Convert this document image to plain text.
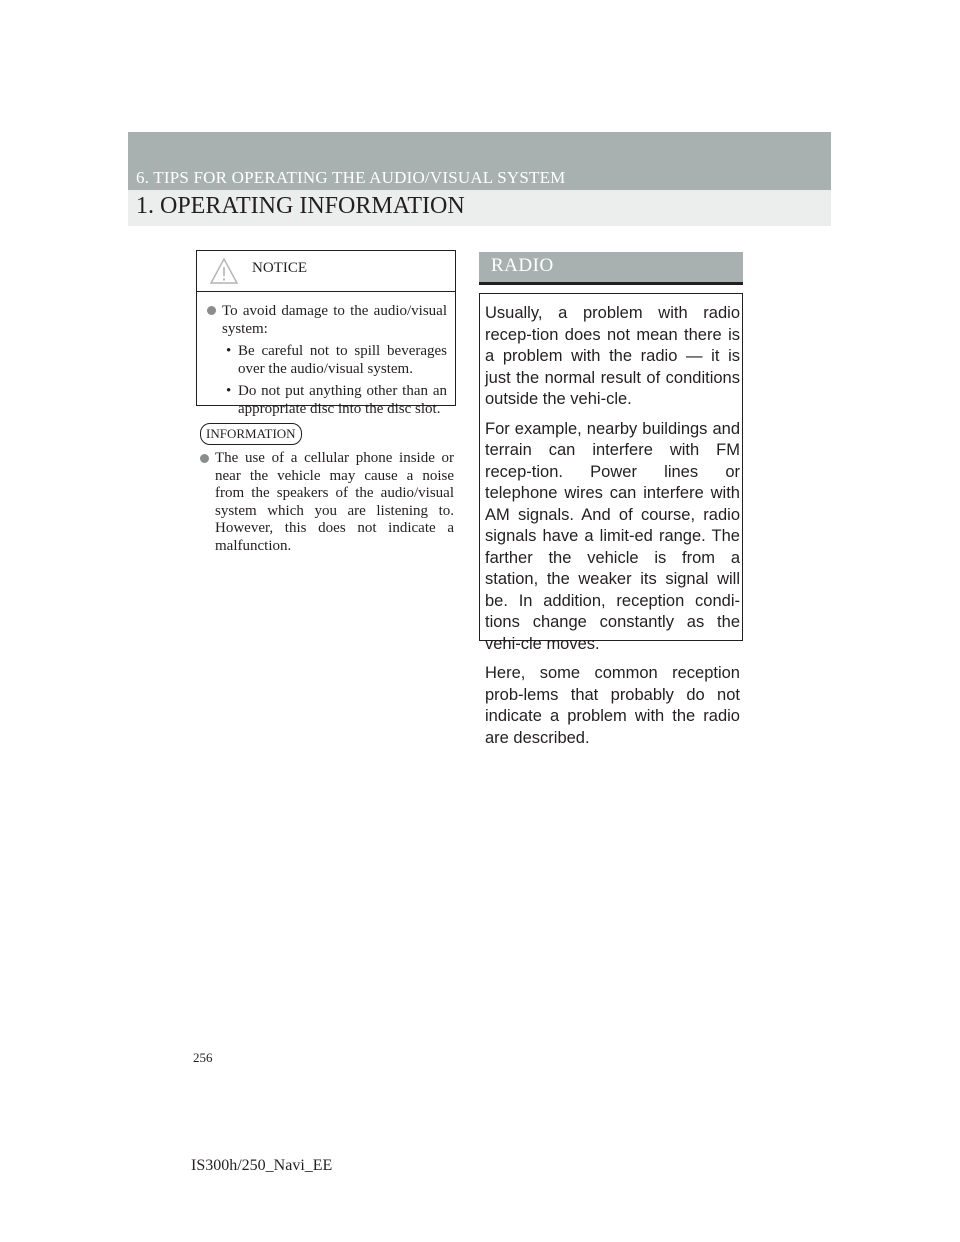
6. TIPS FOR OPERATING THE AUDIO/VISUAL SYSTEM
1. OPERATING INFORMATION
NOTICE
To avoid damage to the audio/visual system:
• Be careful not to spill beverages over the audio/visual system.
• Do not put anything other than an appropriate disc into the disc slot.
INFORMATION
The use of a cellular phone inside or near the vehicle may cause a noise from the speakers of the audio/visual system which you are listening to. However, this does not indicate a malfunction.
RADIO

Usually, a problem with radio recep-tion does not mean there is a problem with the radio — it is just the normal result of conditions outside the vehi-cle.

For example, nearby buildings and terrain can interfere with FM recep-tion. Power lines or telephone wires can interfere with AM signals. And of course, radio signals have a limit-ed range. The farther the vehicle is from a station, the weaker its signal will be. In addition, reception condi-tions change constantly as the vehi-cle moves.

Here, some common reception prob-lems that probably do not indicate a problem with the radio are described.

256
IS300h/250_Navi_EE
